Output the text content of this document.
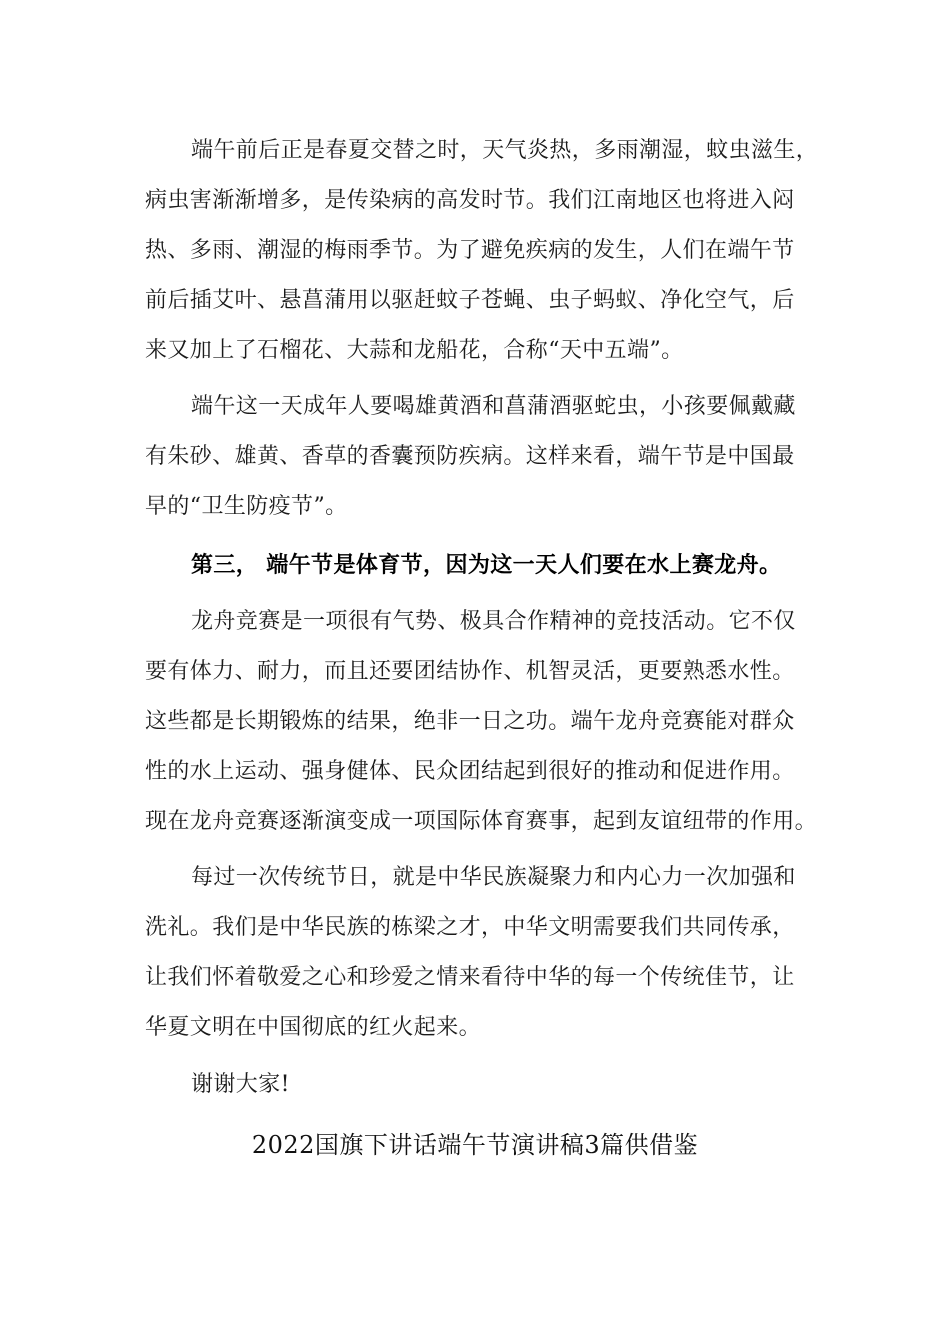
端午前后正是春夏交替之时，天气炎热，多雨潮湿，蚊虫滋生，
病虫害渐渐增多，是传染病的高发时节。我们江南地区也将进入闷
热、多雨、潮湿的梅雨季节。为了避免疾病的发生，人们在端午节
前后插艾叶、悬菖蒲用以驱赶蚊子苍蝇、虫子蚂蚁、净化空气，后
来又加上了石榴花、大蒜和龙船花，合称“天中五端”。
端午这一天成年人要喝雄黄酒和菖蒲酒驱蛇虫，小孩要佩戴藏
有朱砂、雄黄、香草的香囊预防疾病。这样来看，端午节是中国最
早的“卫生防疫节”。
第三， 端午节是体育节，因为这一天人们要在水上赛龙舟。
龙舟竞赛是一项很有气势、极具合作精神的竞技活动。它不仅
要有体力、耐力，而且还要团结协作、机智灵活，更要熟悉水性。
这些都是长期锻炼的结果，绝非一日之功。端午龙舟竞赛能对群众
性的水上运动、强身健体、民众团结起到很好的推动和促进作用。
现在龙舟竞赛逐渐演变成一项国际体育赛事，起到友谊纽带的作用。
每过一次传统节日，就是中华民族凝聚力和内心力一次加强和
洗礼。我们是中华民族的栋梁之才，中华文明需要我们共同传承，
让我们怀着敬爱之心和珍爱之情来看待中华的每一个传统佳节，让
华夏文明在中国彻底的红火起来。
谢谢大家!
2022国旗下讲话端午节演讲稿3篇供借鉴
